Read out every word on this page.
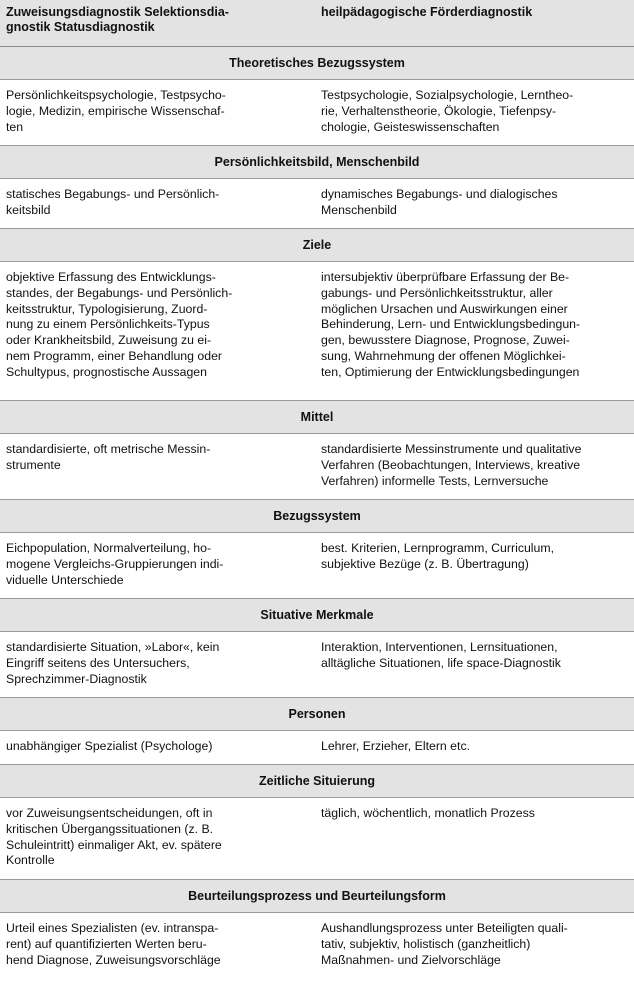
Zuweisungsdiagnostik Selektionsdia-
gnostik Statusdiagnostik
heilpädagogische Förderdiagnostik
Theoretisches Bezugssystem
Persönlichkeitspsychologie, Testpsycho-
logie, Medizin, empirische Wissenschaf-
ten
Testpsychologie, Sozialpsychologie, Lerntheo-
rie, Verhaltenstheorie, Ökologie, Tiefenpsy-
chologie, Geisteswissenschaften
Persönlichkeitsbild, Menschenbild
statisches Begabungs- und Persönlich-
keitsbild
dynamisches Begabungs- und dialogisches
Menschenbild
Ziele
objektive Erfassung des Entwicklungs-
standes, der Begabungs- und Persönlich-
keitsstruktur, Typologisierung, Zuord-
nung zu einem Persönlichkeits-Typus
oder Krankheitsbild, Zuweisung zu ei-
nem Programm, einer Behandlung oder
Schultypus, prognostische Aussagen
intersubjektiv überprüfbare Erfassung der Be-
gabungs- und Persönlichkeitsstruktur, aller
möglichen Ursachen und Auswirkungen einer
Behinderung, Lern- und Entwicklungsbedingun-
gen, bewusstere Diagnose, Prognose, Zuwei-
sung, Wahrnehmung der offenen Möglichkei-
ten, Optimierung der Entwicklungsbedingungen
Mittel
standardisierte, oft metrische Messin-
strumente
standardisierte Messinstrumente und qualitative
Verfahren (Beobachtungen, Interviews, kreative
Verfahren) informelle Tests, Lernversuche
Bezugssystem
Eichpopulation, Normalverteilung, ho-
mogene Vergleichs-Gruppierungen indi-
viduelle Unterschiede
best. Kriterien, Lernprogramm, Curriculum,
subjektive Bezüge (z. B. Übertragung)
Situative Merkmale
standardisierte Situation, »Labor«, kein
Eingriff seitens des Untersuchers,
Sprechzimmer-Diagnostik
Interaktion, Interventionen, Lernsituationen,
alltägliche Situationen, life space-Diagnostik
Personen
unabhängiger Spezialist (Psychologe)	Lehrer, Erzieher, Eltern etc.
Zeitliche Situierung
vor Zuweisungsentscheidungen, oft in
kritischen Übergangssituationen (z. B.
Schuleintritt) einmaliger Akt, ev. spätere
Kontrolle
täglich, wöchentlich, monatlich Prozess
Beurteilungsprozess und Beurteilungsform
Urteil eines Spezialisten (ev. intranspa-
rent) auf quantifizierten Werten beru-
hend Diagnose, Zuweisungsvorschläge
Aushandlungsprozess unter Beteiligten quali-
tativ, subjektiv, holistisch (ganzheitlich)
Maßnahmen- und Zielvorschläge
